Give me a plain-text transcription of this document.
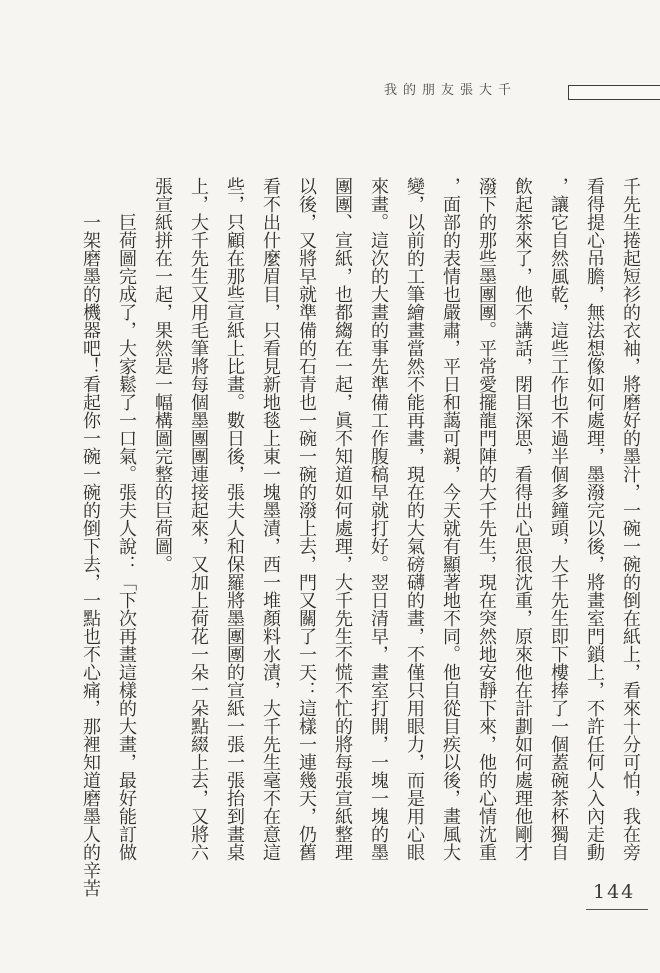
我的朋友張大千
千先生捲起短衫的衣袖，將磨好的墨汁，一碗一碗的倒在紙上，看來十分可怕，我在旁
看得提心吊膽，無法想像如何處理，墨潑完以後，將畫室門鎖上，不許任何人入內走動
，讓它自然風乾，這些工作也不過半個多鐘頭，大千先生即下樓捧了一個蓋碗茶杯獨自
飲起茶來了，他不講話，閉目深思，看得出心思很沈重，原來他在計劃如何處理他剛才
潑下的那些墨團團。平常愛擺龍門陣的大千先生，現在突然地安靜下來，他的心情沈重
，面部的表情也嚴肅，平日和藹可親，今天就有顯著地不同。他自從目疾以後，畫風大
變，以前的工筆繪畫當然不能再畫，現在的大氣磅礴的畫，不僅只用眼力，而是用心眼
來畫。這次的大畫的事先準備工作腹稿早就打好。翌日清早，畫室打開，一塊一塊的墨
團團、宣紙，也都縐在一起，眞不知道如何處理，大千先生不慌不忙的將每張宣紙整理
以後，又將早就準備的石青也一碗一碗的潑上去，門又關了一天：這樣一連幾天，仍舊
看不出什麼眉目，只看見新地毯上東一塊墨漬，西一堆顏料水漬，大千先生毫不在意這
些，只顧在那些宣紙上比畫。數日後，張夫人和保羅將墨團團的宣紙一張一張抬到畫桌
上，大千先生又用毛筆將每個墨團團連接起來，又加上荷花一朵一朵點綴上去，又將六
張宣紙拼在一起，果然是一幅構圖完整的巨荷圖。
　　巨荷圖完成了，大家鬆了一口氣。張夫人說：「下次再畫這樣的大畫，最好能訂做
　　一架磨墨的機器吧！看起你一碗一碗的倒下去，一點也不心痛，那裡知道磨墨人的辛苦	144
